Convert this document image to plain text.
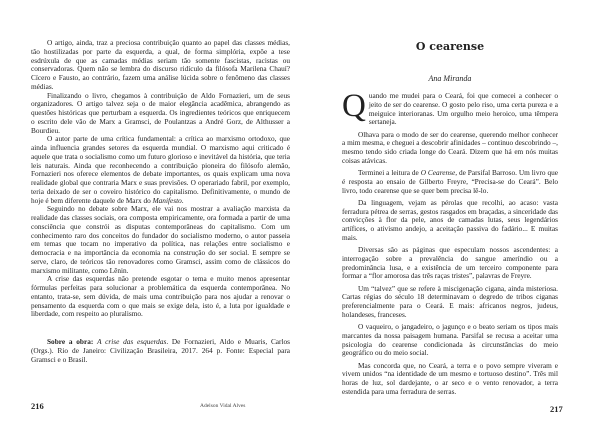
O artigo, ainda, traz a preciosa contribuição quanto ao papel das classes médias, tão hostilizadas por parte da esquerda, a qual, de forma simplória, expõe a tese esdrúxula de que as camadas médias seriam tão somente fascistas, racistas ou conservadoras. Quem não se lembra do discurso ridículo da filósofa Marilena Chauí? Cícero e Fausto, ao contrário, fazem uma análise lúcida sobre o fenômeno das classes médias.

Finalizando o livro, chegamos à contribuição de Aldo Fornazieri, um de seus organizadores. O artigo talvez seja o de maior elegância acadêmica, abrangendo as questões históricas que perturbam a esquerda. Os ingredientes teóricos que enriquecem o escrito dele vão de Marx a Gramsci, de Poulantzas a André Gorz, de Althusser a Bourdieu.

O autor parte de uma crítica fundamental: a crítica ao marxismo ortodoxo, que ainda influencia grandes setores da esquerda mundial. O marxismo aqui criticado é aquele que trata o socialismo como um futuro glorioso e inevitável da história, que teria leis naturais. Ainda que reconhecendo a contribuição pioneira do filósofo alemão, Fornazieri nos oferece elementos de debate importantes, os quais explicam uma nova realidade global que contraria Marx e suas previsões. O operariado fabril, por exemplo, teria deixado de ser o coveiro histórico do capitalismo. Definitivamente, o mundo de hoje é bem diferente daquele de Marx do Manifesto.

Seguindo no debate sobre Marx, ele vai nos mostrar a avaliação marxista da realidade das classes sociais, ora composta empiricamente, ora formada a partir de uma consciência que constrói as disputas contemporâneas do capitalismo. Com um conhecimento raro dos conceitos do fundador do socialismo moderno, o autor passeia em temas que tocam no imperativo da política, nas relações entre socialismo e democracia e na importância da economia na construção do ser social. E sempre se serve, claro, de teóricos tão renovadores como Gramsci, assim como de clássicos do marxismo militante, como Lênin.

A crise das esquerdas não pretende esgotar o tema e muito menos apresentar fórmulas perfeitas para solucionar a problemática da esquerda contemporânea. No entanto, trata-se, sem dúvida, de mais uma contribuição para nos ajudar a renovar o pensamento da esquerda com o que mais se exige dela, isto é, a luta por igualdade e liberdade, com respeito ao pluralismo.

Sobre a obra: A crise das esquerdas. De Fornazieri, Aldo e Muaris, Carlos (Orgs.). Rio de Janeiro: Civilização Brasileira, 2017. 264 p. Fonte: Especial para Gramsci e o Brasil.

216	Adelson Vidal Alves
O cearense
Ana Miranda

Quando me mudei para o Ceará, foi que comecei a conhecer o jeito de ser do cearense. O gosto pelo riso, uma certa pureza e a meiguice interioranas. Um orgulho meio heroico, uma têmpera sertaneja.

Olhava para o modo de ser do cearense, querendo melhor conhecer a mim mesma, e cheguei a descobrir afinidades – continuo descobrindo –, mesmo tendo sido criada longe do Ceará. Dizem que há em nós muitas coisas atávicas.

Terminei a leitura de O Cearense, de Parsifal Barroso. Um livro que é resposta ao ensaio de Gilberto Freyre, “Precisa-se do Ceará”. Belo livro, todo cearense que se quer bem precisa lê-lo.

Da linguagem, vejam as pérolas que recolhi, ao acaso: vasta ferradura pétrea de serras, gestos rasgados em braçadas, a sinceridade das convicções à flor da pele, anos de camadas lutas, seus legendários artífices, o ativismo andejo, a aceitação passiva do fadário... E muitas mais.

Diversas são as páginas que especulam nossos ascendentes: a interrogação sobre a prevalência do sangue ameríndio ou a predominância lusa, e a existência de um terceiro componente para formar a “flor amorosa das três raças tristes”, palavras de Freyre.

Um “talvez” que se refere à miscigenação cigana, ainda misteriosa. Cartas régias do século 18 determinavam o degredo de tribos ciganas preferencialmente para o Ceará. E mais: africanos negros, judeus, holandeses, franceses.

O vaqueiro, o jangadeiro, o jagunço e o beato seriam os tipos mais marcantes da nossa paisagem humana. Parsifal se recusa a aceitar uma psicologia do cearense condicionada às circunstâncias do meio geográfico ou do meio social.

Mas concorda que, no Ceará, a terra e o povo sempre viveram e vivem unidos “na identidade de um mesmo e tortuoso destino”. Três mil horas de luz, sol dardejante, o ar seco e o vento renovador, a terra estendida para uma ferradura de serras.

217
